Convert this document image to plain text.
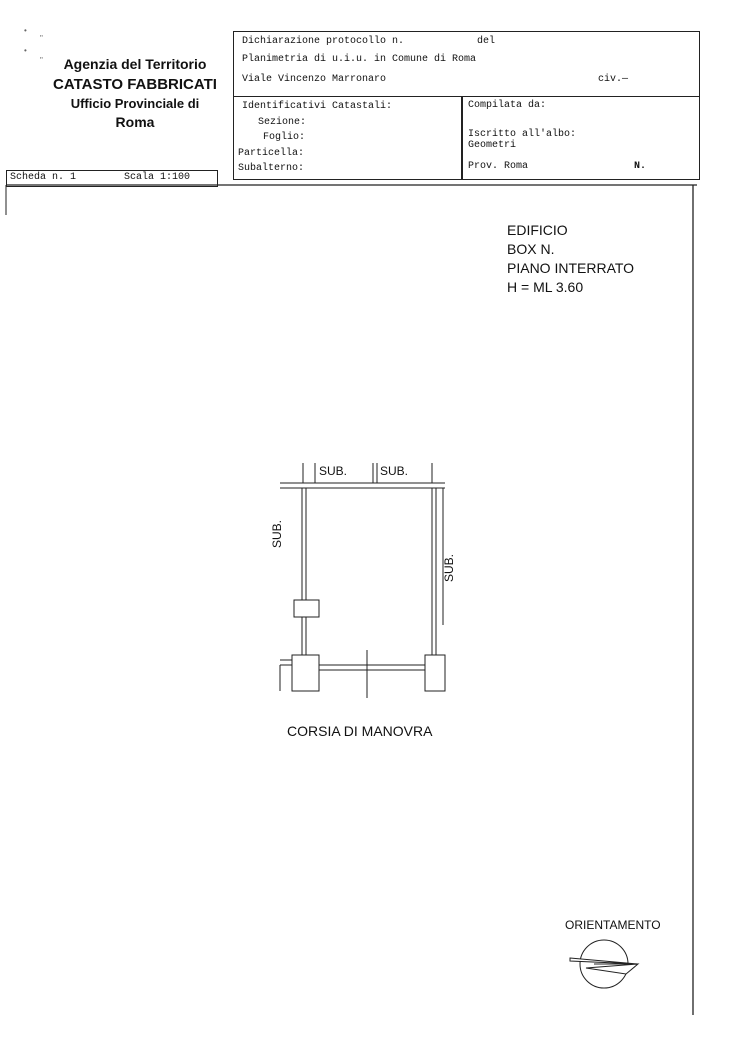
•
"
•
"	Agenzia del Territorio
CATASTO FABBRICATI
Ufficio Provinciale di
Roma
Dichiarazione protocollo n.	del
Planimetria di u.i.u. in Comune di Roma
Viale Vincenzo Marronaro	civ.—
Identificativi Catastali:
Sezione:
Foglio:
Particella:
Subalterno:
Compilata da:
Iscritto all'albo:
Geometri
Prov. Roma	N.
Scheda n. 1	Scala 1:100
EDIFICIO
BOX N.
PIANO INTERRATO
H = ML 3.60
SUB.	SUB.
SUB.
SUB.
CORSIA DI MANOVRA
ORIENTAMENTO
